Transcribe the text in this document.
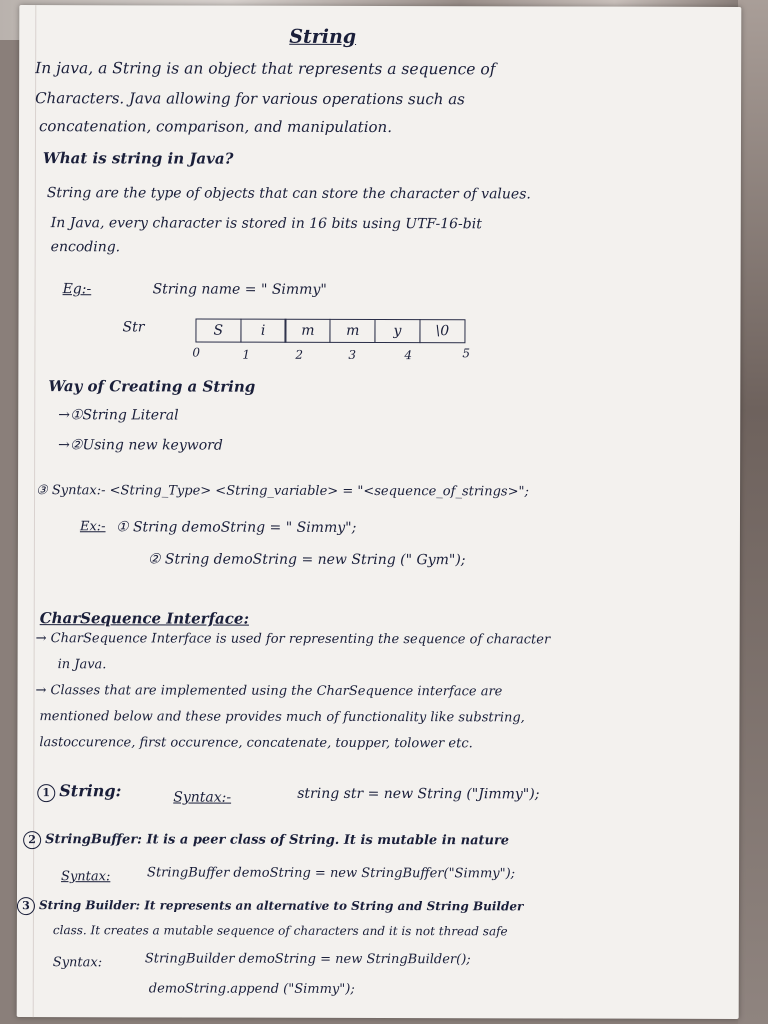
String
In java, a String is an object that represents a sequence of
Characters. Java allowing for various operations such as
concatenation, comparison, and manipulation.
What is string in Java?
String are the type of objects that can store the character of values.
In Java, every character is stored in 16 bits using UTF-16-bit
encoding.
Eg:-	String name = " Simmy"
Str	S	i	m	m	y	\0
0	1	2	3	4	5
Way of Creating a String
→①String Literal
→②Using new keyword
③ Syntax:- <String_Type> <String_variable> = "<sequence_of_strings>";
Ex:- ① String demoString = " Simmy";
② String demoString = new String (" Gym");
CharSequence Interface:
→ CharSequence Interface is used for representing the sequence of character
in Java.
→ Classes that are implemented using the CharSequence interface are
mentioned below and these provides much of functionality like substring,
lastoccurence, first occurence, concatenate, toupper, tolower etc.
1 String:	Syntax:-	string str = new String ("Jimmy");
2 StringBuffer: It is a peer class of String. It is mutable in nature
Syntax:	StringBuffer demoString = new StringBuffer("Simmy");
3 String Builder: It represents an alternative to String and String Builder
class. It creates a mutable sequence of characters and it is not thread safe
Syntax:	StringBuilder demoString = new StringBuilder();
demoString.append ("Simmy");
